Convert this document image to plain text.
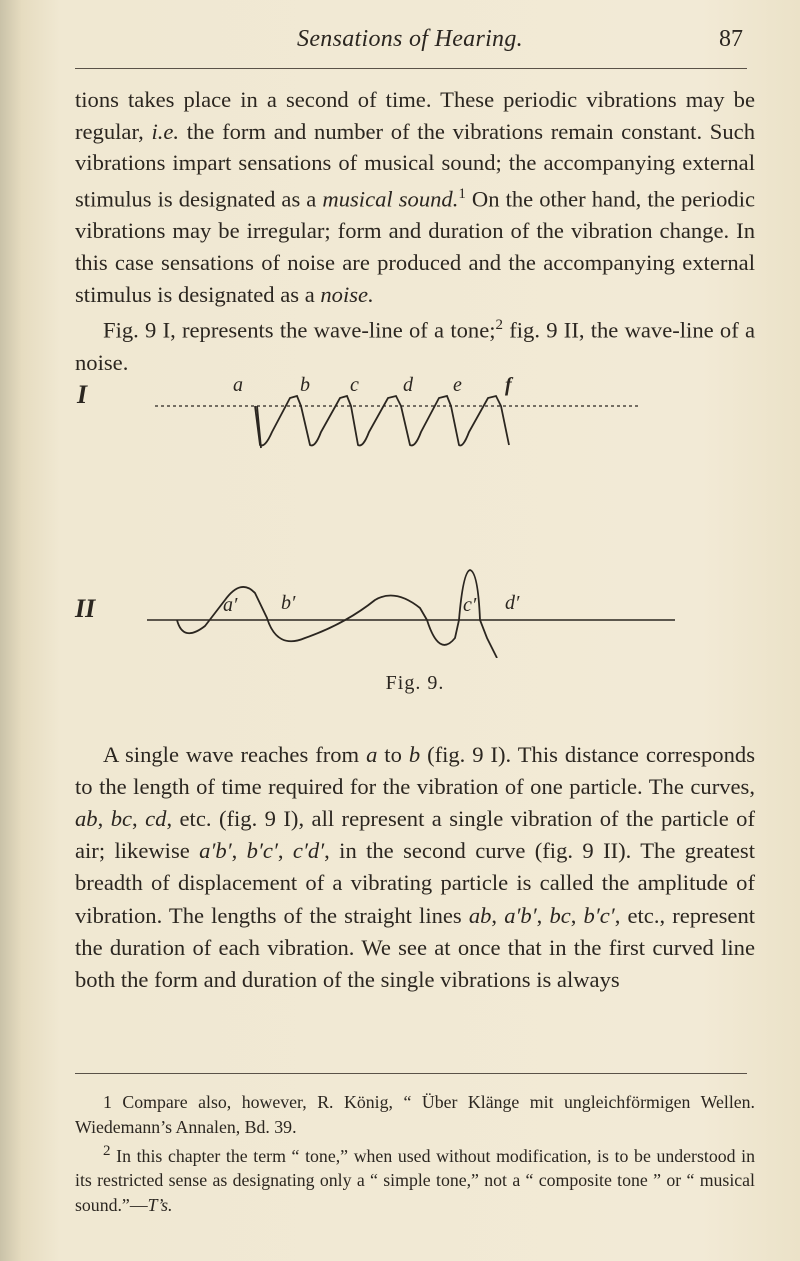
Sensations of Hearing.	87

tions takes place in a second of time. These periodic vibrations may be regular, i.e. the form and number of the vibrations remain constant. Such vibrations impart sensations of musical sound; the accompanying external stimulus is designated as a musical sound.$^1$ On the other hand, the periodic vibrations may be irregular; form and duration of the vibration change. In this case sensations of noise are produced and the accompanying external stimulus is designated as a noise.

Fig. 9 I, represents the wave-line of a tone;$^2$ fig. 9 II, the wave-line of a noise.

I
II
a	b c d e f
a′ b′	c′ d′
Fig. 9.

A single wave reaches from a to b (fig. 9 I). This distance corresponds to the length of time required for the vibration of one particle. The curves, ab, bc, cd, etc. (fig. 9 I), all represent a single vibration of the particle of air; likewise a′b′, b′c′, c′d′, in the second curve (fig. 9 II). The greatest breadth of displacement of a vibrating particle is called the amplitude of vibration. The lengths of the straight lines ab, a′b′, bc, b′c′, etc., represent the duration of each vibration. We see at once that in the first curved line both the form and duration of the single vibrations is always

1 Compare also, however, R. König, “ Über Klänge mit ungleichförmigen Wellen. Wiedemann’s Annalen, Bd. 39.

$^2$ In this chapter the term “ tone,” when used without modification, is to be understood in its restricted sense as designating only a “ simple tone,” not a “ composite tone ” or “ musical sound.”—T’s.
